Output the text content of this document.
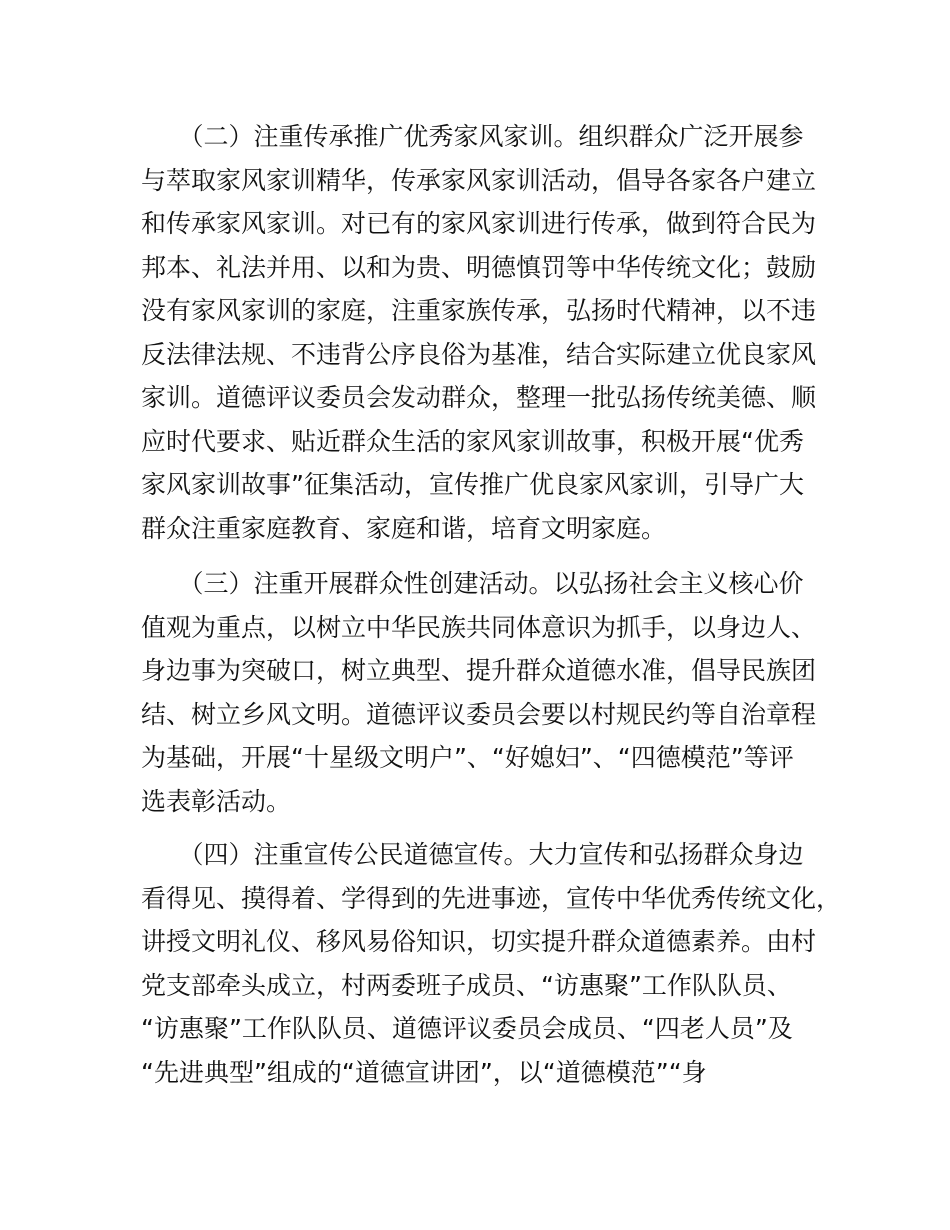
　　（二）注重传承推广优秀家风家训。组织群众广泛开展参
与萃取家风家训精华，传承家风家训活动，倡导各家各户建立
和传承家风家训。对已有的家风家训进行传承，做到符合民为
邦本、礼法并用、以和为贵、明德慎罚等中华传统文化；鼓励
没有家风家训的家庭，注重家族传承，弘扬时代精神，以不违
反法律法规、不违背公序良俗为基准，结合实际建立优良家风
家训。道德评议委员会发动群众，整理一批弘扬传统美德、顺
应时代要求、贴近群众生活的家风家训故事，积极开展“优秀
家风家训故事”征集活动，宣传推广优良家风家训，引导广大
群众注重家庭教育、家庭和谐，培育文明家庭。
　　（三）注重开展群众性创建活动。以弘扬社会主义核心价
值观为重点，以树立中华民族共同体意识为抓手，以身边人、
身边事为突破口，树立典型、提升群众道德水准，倡导民族团
结、树立乡风文明。道德评议委员会要以村规民约等自治章程
为基础，开展“十星级文明户”、“好媳妇”、“四德模范”等评
选表彰活动。
　　（四）注重宣传公民道德宣传。大力宣传和弘扬群众身边
看得见、摸得着、学得到的先进事迹，宣传中华优秀传统文化，
讲授文明礼仪、移风易俗知识，切实提升群众道德素养。由村
党支部牵头成立，村两委班子成员、“访惠聚”工作队队员、
“访惠聚”工作队队员、道德评议委员会成员、“四老人员”及
“先进典型”组成的“道德宣讲团”，以“道德模范”“身
